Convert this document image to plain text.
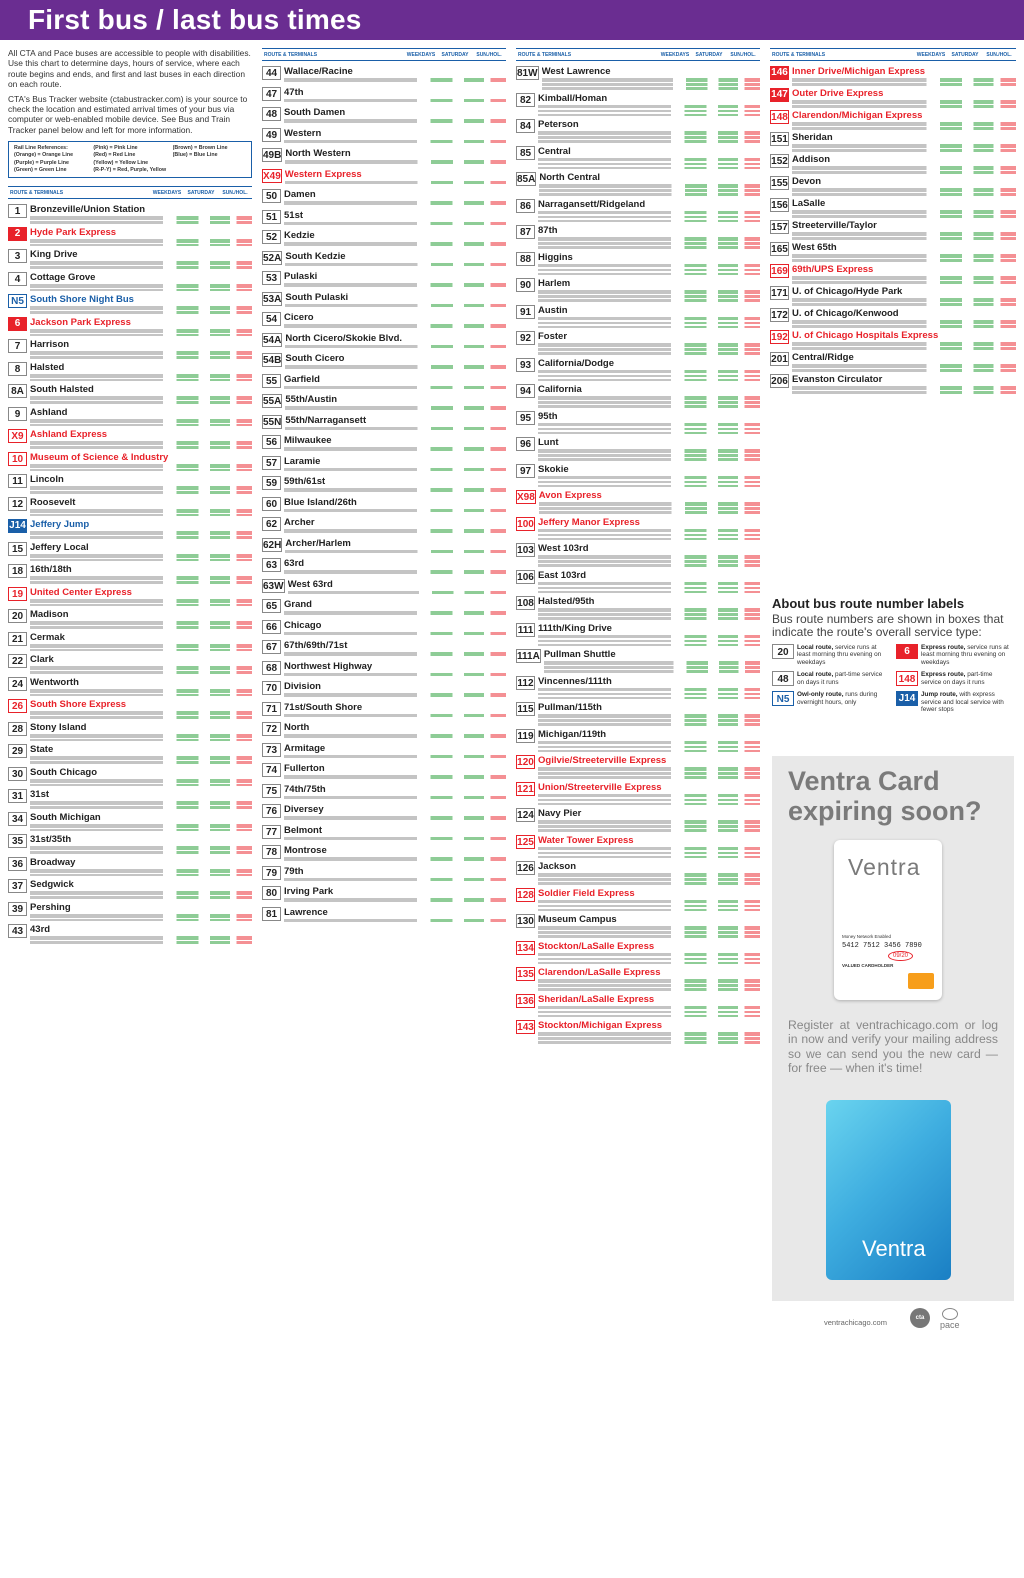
First bus / last bus times

All CTA and Pace buses are accessible to people with disabilities. Use this chart to determine days, hours of service, where each route begins and ends, and first and last buses in each direction on each route.

CTA's Bus Tracker website (ctabustracker.com) is your source to check the location and estimated arrival times of your bus via computer or web-enabled mobile device. See Bus and Train Tracker panel below and left for more information.

Rail Line References:	(Pink) = Pink Line	(Brown) = Brown Line
(Orange) = Orange Line	(Red) = Red Line	(Blue) = Blue Line
(Purple) = Purple Line	(Yellow) = Yellow Line
(Green) = Green Line	(R-P-Y) = Red, Purple, Yellow
ROUTE & TERMINALS	WEEKDAYS	SATURDAY	SUN./HOL.
1	Bronzeville/Union Station
2	Hyde Park Express
3	King Drive
4	Cottage Grove
N5 South Shore Night Bus
6	Jackson Park Express
7	Harrison
8	Halsted
8A South Halsted
9	Ashland
X9 Ashland Express
10 Museum of Science & Industry
11 Lincoln
12 Roosevelt
J14 Jeffery Jump
15 Jeffery Local
18 16th/18th
19 United Center Express
20 Madison
21 Cermak
22 Clark
24 Wentworth
26 South Shore Express
28 Stony Island
29 State
30 South Chicago
31 31st
34 South Michigan
35 31st/35th
36 Broadway
37 Sedgwick
39 Pershing
43 43rd
ROUTE & TERMINALS	WEEKDAYS	SATURDAY	SUN./HOL.
44 Wallace/Racine
47 47th
48 South Damen
49 Western
49B North Western
X49 Western Express
50 Damen
51 51st
52 Kedzie
52A South Kedzie
53 Pulaski
53A South Pulaski
54 Cicero
54A North Cicero/Skokie Blvd.
54B South Cicero
55 Garfield
55A 55th/Austin
55N 55th/Narragansett
56 Milwaukee
57 Laramie
59 59th/61st
60 Blue Island/26th
62 Archer
62H Archer/Harlem
63 63rd
63W West 63rd
65 Grand
66 Chicago
67 67th/69th/71st
68 Northwest Highway
70 Division
71 71st/South Shore
72 North
73 Armitage
74 Fullerton
75 74th/75th
76 Diversey
77 Belmont
78 Montrose
79 79th
80 Irving Park
81 Lawrence
ROUTE & TERMINALS	WEEKDAYS	SATURDAY	SUN./HOL.
81W West Lawrence
82 Kimball/Homan
84 Peterson
85 Central
85A North Central
86 Narragansett/Ridgeland
87 87th
88 Higgins
90 Harlem
91 Austin
92 Foster
93 California/Dodge
94 California
95 95th
96 Lunt
97 Skokie
X98 Avon Express
100 Jeffery Manor Express
103 West 103rd
106 East 103rd
108 Halsted/95th
111 111th/King Drive
111A Pullman Shuttle
112 Vincennes/111th
115 Pullman/115th
119 Michigan/119th
120 Ogilvie/Streeterville Express
121 Union/Streeterville Express
124 Navy Pier
125 Water Tower Express
126 Jackson
128 Soldier Field Express
130 Museum Campus
134 Stockton/LaSalle Express
135 Clarendon/LaSalle Express
136 Sheridan/LaSalle Express
143 Stockton/Michigan Express
ROUTE & TERMINALS	WEEKDAYS	SATURDAY	SUN./HOL.
146 Inner Drive/Michigan Express
147 Outer Drive Express
148 Clarendon/Michigan Express
151 Sheridan
152 Addison
155 Devon
156 LaSalle
157 Streeterville/Taylor
165 West 65th
169 69th/UPS Express
171 U. of Chicago/Hyde Park
172 U. of Chicago/Kenwood
192 U. of Chicago Hospitals Express
201 Central/Ridge
206 Evanston Circulator
About bus route number labels
Bus route numbers are shown in boxes that indicate the route's overall service type:
20	Local route, service runs at least morning thru evening on weekdays
6	Express route, service runs at least morning thru evening on weekdays
48	Local route, part-time service on days it runs	148 Express route, part-time service on days it runs
N5	Owl-only route, runs during overnight hours, only	J14 Jump route, with express service and local service with fewer stops
Ventra Card expiring soon?
Ventra
Money Network Enabled
5412 7512 3456 7890
09/20
VALUED CARDHOLDER
Register at ventrachicago.com or log in now and verify your mailing address so we can send you the new card — for free — when it's time!
Ventra
ventrachicago.com	cta
pace
